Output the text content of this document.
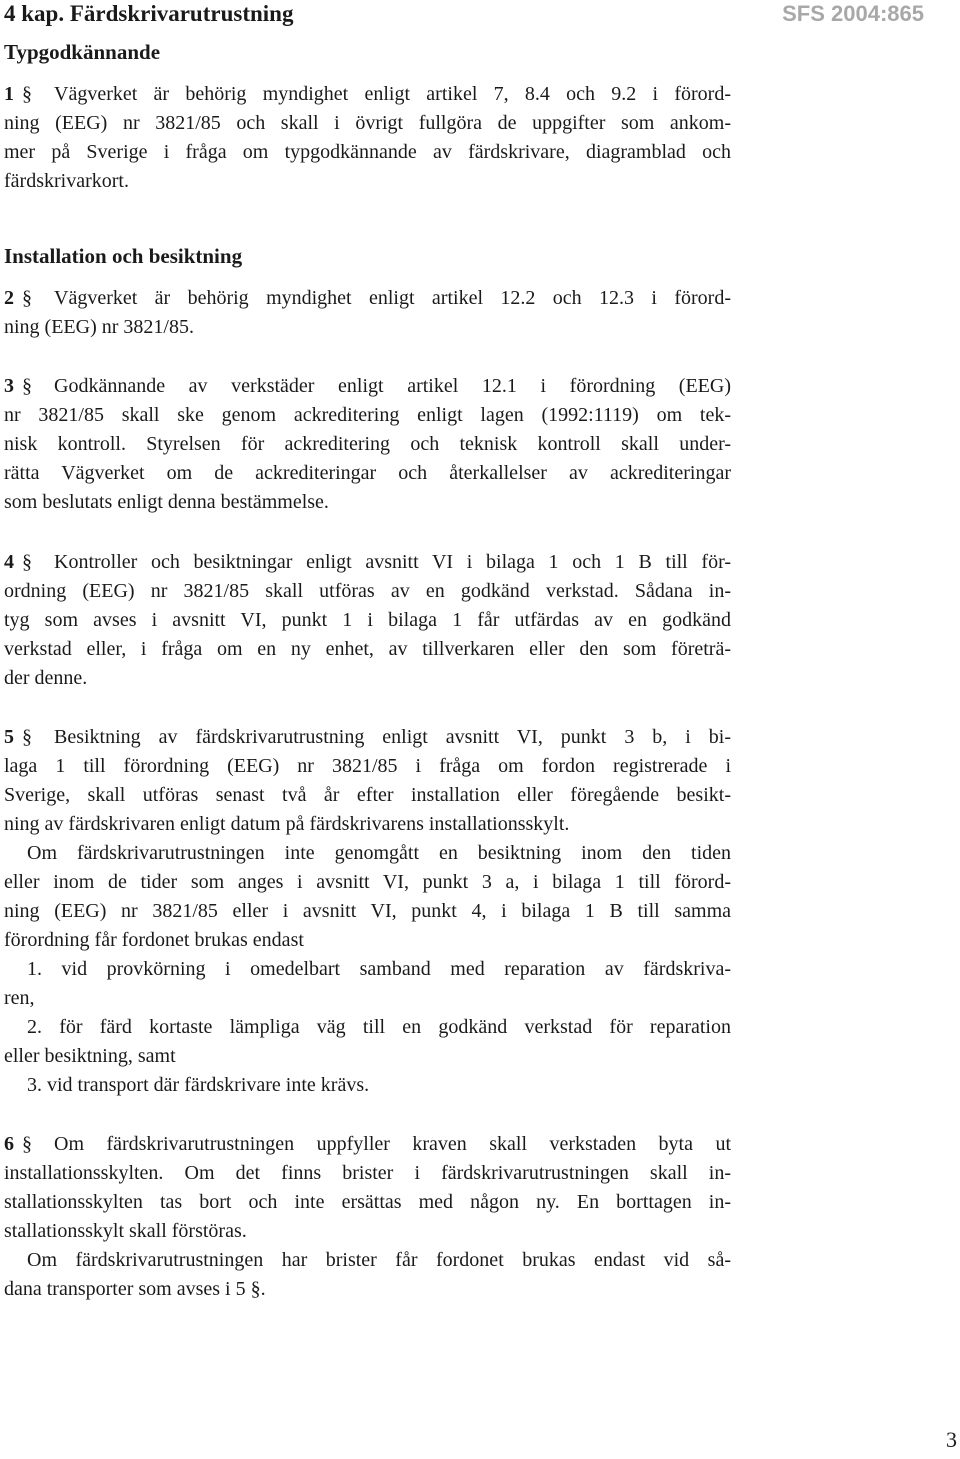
4 kap. Färdskrivarutrustning	SFS 2004:865
Typgodkännande
1 § Vägverket är behörig myndighet enligt artikel 7, 8.4 och 9.2 i förord-
ning (EEG) nr 3821/85 och skall i övrigt fullgöra de uppgifter som ankom-
mer på Sverige i fråga om typgodkännande av färdskrivare, diagramblad och
färdskrivarkort.
Installation och besiktning
2 § Vägverket är behörig myndighet enligt artikel 12.2 och 12.3 i förord-
ning (EEG) nr 3821/85.
3 § Godkännande av verkstäder enligt artikel 12.1 i förordning (EEG)
nr 3821/85 skall ske genom ackreditering enligt lagen (1992:1119) om tek-
nisk kontroll. Styrelsen för ackreditering och teknisk kontroll skall under-
rätta Vägverket om de ackrediteringar och återkallelser av ackrediteringar
som beslutats enligt denna bestämmelse.
4 § Kontroller och besiktningar enligt avsnitt VI i bilaga 1 och 1 B till för-
ordning (EEG) nr 3821/85 skall utföras av en godkänd verkstad. Sådana in-
tyg som avses i avsnitt VI, punkt 1 i bilaga 1 får utfärdas av en godkänd
verkstad eller, i fråga om en ny enhet, av tillverkaren eller den som företrä-
der denne.
5 § Besiktning av färdskrivarutrustning enligt avsnitt VI, punkt 3 b, i bi-
laga 1 till förordning (EEG) nr 3821/85 i fråga om fordon registrerade i
Sverige, skall utföras senast två år efter installation eller föregående besikt-
ning av färdskrivaren enligt datum på färdskrivarens installationsskylt.
Om färdskrivarutrustningen inte genomgått en besiktning inom den tiden
eller inom de tider som anges i avsnitt VI, punkt 3 a, i bilaga 1 till förord-
ning (EEG) nr 3821/85 eller i avsnitt VI, punkt 4, i bilaga 1 B till samma
förordning får fordonet brukas endast
1. vid provkörning i omedelbart samband med reparation av färdskriva-
ren,
2. för färd kortaste lämpliga väg till en godkänd verkstad för reparation
eller besiktning, samt
3. vid transport där färdskrivare inte krävs.
6 § Om färdskrivarutrustningen uppfyller kraven skall verkstaden byta ut
installationsskylten. Om det finns brister i färdskrivarutrustningen skall in-
stallationsskylten tas bort och inte ersättas med någon ny. En borttagen in-
stallationsskylt skall förstöras.
Om färdskrivarutrustningen har brister får fordonet brukas endast vid så-
dana transporter som avses i 5 §.
3
